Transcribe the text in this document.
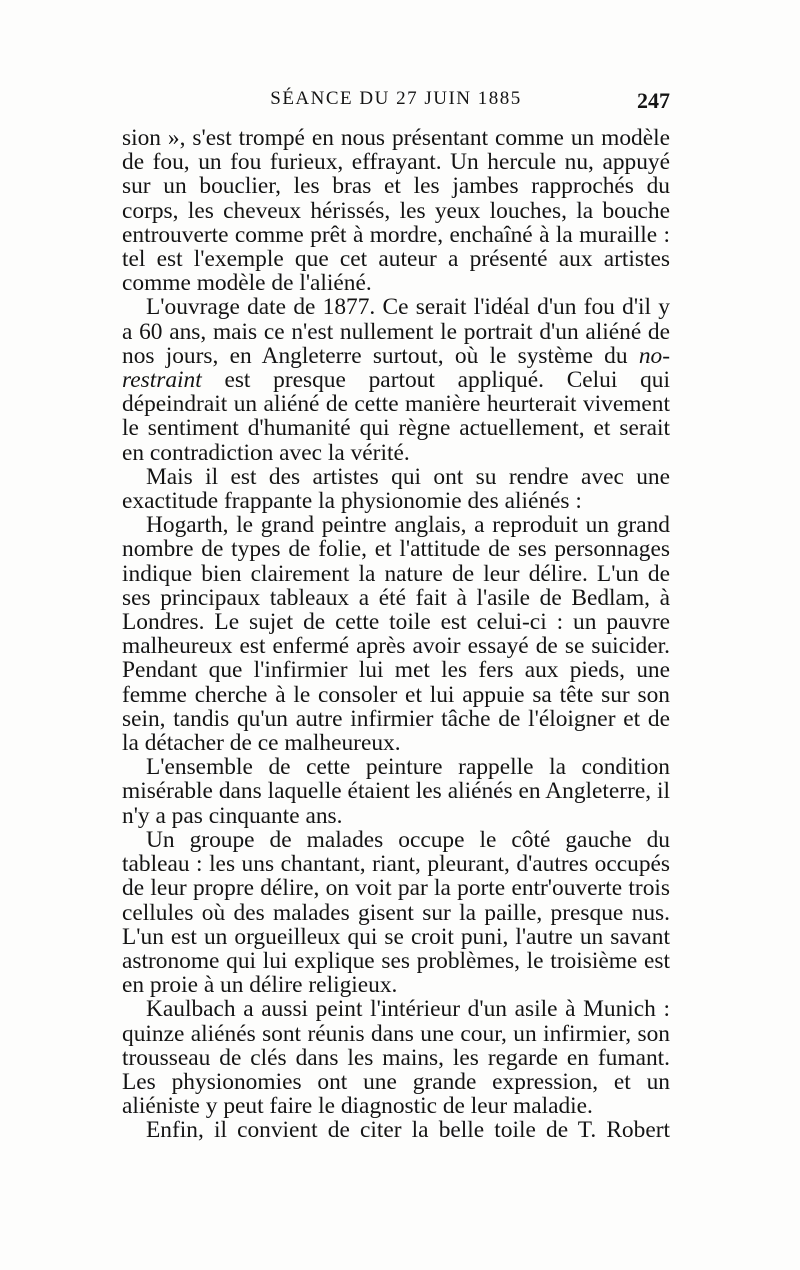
SÉANCE DU 27 JUIN 1885	247

sion », s'est trompé en nous présentant comme un modèle de fou, un fou furieux, effrayant. Un hercule nu, appuyé sur un bouclier, les bras et les jambes rapprochés du corps, les cheveux hérissés, les yeux louches, la bouche entrouverte comme prêt à mordre, enchaîné à la muraille : tel est l'exemple que cet auteur a présenté aux artistes comme modèle de l'aliéné.

L'ouvrage date de 1877. Ce serait l'idéal d'un fou d'il y a 60 ans, mais ce n'est nullement le portrait d'un aliéné de nos jours, en Angleterre surtout, où le système du no-restraint est presque partout appliqué. Celui qui dépeindrait un aliéné de cette manière heurterait vivement le sentiment d'humanité qui règne actuellement, et serait en contradiction avec la vérité.

Mais il est des artistes qui ont su rendre avec une exactitude frappante la physionomie des aliénés :

Hogarth, le grand peintre anglais, a reproduit un grand nombre de types de folie, et l'attitude de ses personnages indique bien clairement la nature de leur délire. L'un de ses principaux tableaux a été fait à l'asile de Bedlam, à Londres. Le sujet de cette toile est celui-ci : un pauvre malheureux est enfermé après avoir essayé de se suicider. Pendant que l'infirmier lui met les fers aux pieds, une femme cherche à le consoler et lui appuie sa tête sur son sein, tandis qu'un autre infirmier tâche de l'éloigner et de la détacher de ce malheureux.

L'ensemble de cette peinture rappelle la condition misérable dans laquelle étaient les aliénés en Angleterre, il n'y a pas cinquante ans.

Un groupe de malades occupe le côté gauche du tableau : les uns chantant, riant, pleurant, d'autres occupés de leur propre délire, on voit par la porte entr'ouverte trois cellules où des malades gisent sur la paille, presque nus. L'un est un orgueilleux qui se croit puni, l'autre un savant astronome qui lui explique ses problèmes, le troisième est en proie à un délire religieux.

Kaulbach a aussi peint l'intérieur d'un asile à Munich : quinze aliénés sont réunis dans une cour, un infirmier, son trousseau de clés dans les mains, les regarde en fumant. Les physionomies ont une grande expression, et un aliéniste y peut faire le diagnostic de leur maladie.

Enfin, il convient de citer la belle toile de T. Robert
